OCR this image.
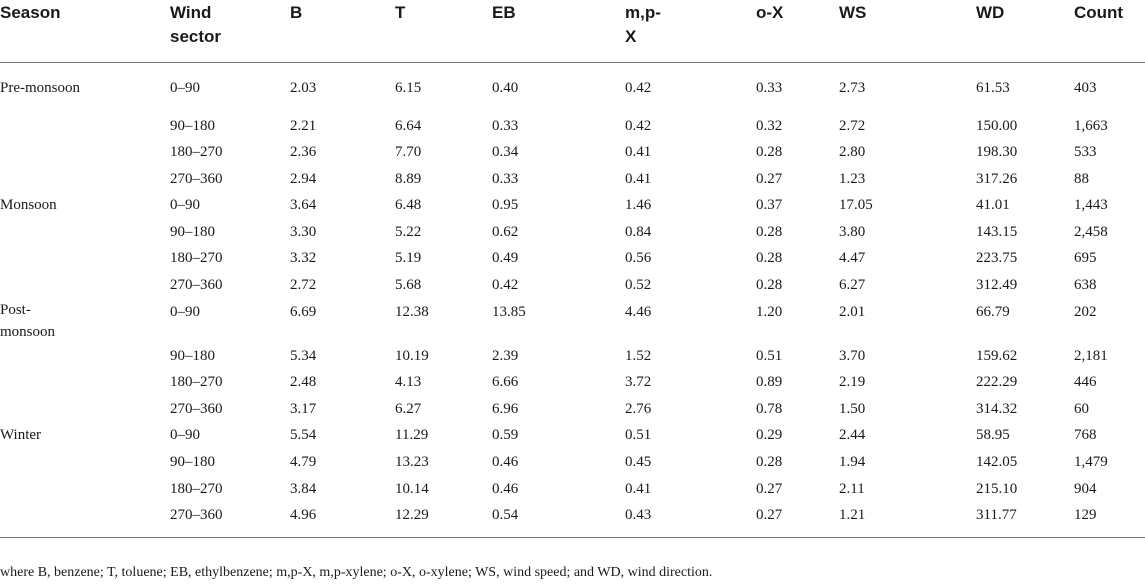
Season	Wind sector	B	T	EB	m,p-X	o-X	WS	WD	Count
Pre-monsoon	0–90	2.03	6.15	0.40	0.42	0.33	2.73	61.53	403
	90–180	2.21	6.64	0.33	0.42	0.32	2.72	150.00	1,663
	180–270	2.36	7.70	0.34	0.41	0.28	2.80	198.30	533
	270–360	2.94	8.89	0.33	0.41	0.27	1.23	317.26	88
Monsoon	0–90	3.64	6.48	0.95	1.46	0.37	17.05	41.01	1,443
	90–180	3.30	5.22	0.62	0.84	0.28	3.80	143.15	2,458
	180–270	3.32	5.19	0.49	0.56	0.28	4.47	223.75	695
	270–360	2.72	5.68	0.42	0.52	0.28	6.27	312.49	638
Post-monsoon	0–90	6.69	12.38	13.85	4.46	1.20	2.01	66.79	202
	90–180	5.34	10.19	2.39	1.52	0.51	3.70	159.62	2,181
	180–270	2.48	4.13	6.66	3.72	0.89	2.19	222.29	446
	270–360	3.17	6.27	6.96	2.76	0.78	1.50	314.32	60
Winter	0–90	5.54	11.29	0.59	0.51	0.29	2.44	58.95	768
	90–180	4.79	13.23	0.46	0.45	0.28	1.94	142.05	1,479
	180–270	3.84	10.14	0.46	0.41	0.27	2.11	215.10	904
	270–360	4.96	12.29	0.54	0.43	0.27	1.21	311.77	129
where B, benzene; T, toluene; EB, ethylbenzene; m,p-X, m,p-xylene; o-X, o-xylene; WS, wind speed; and WD, wind direction.
